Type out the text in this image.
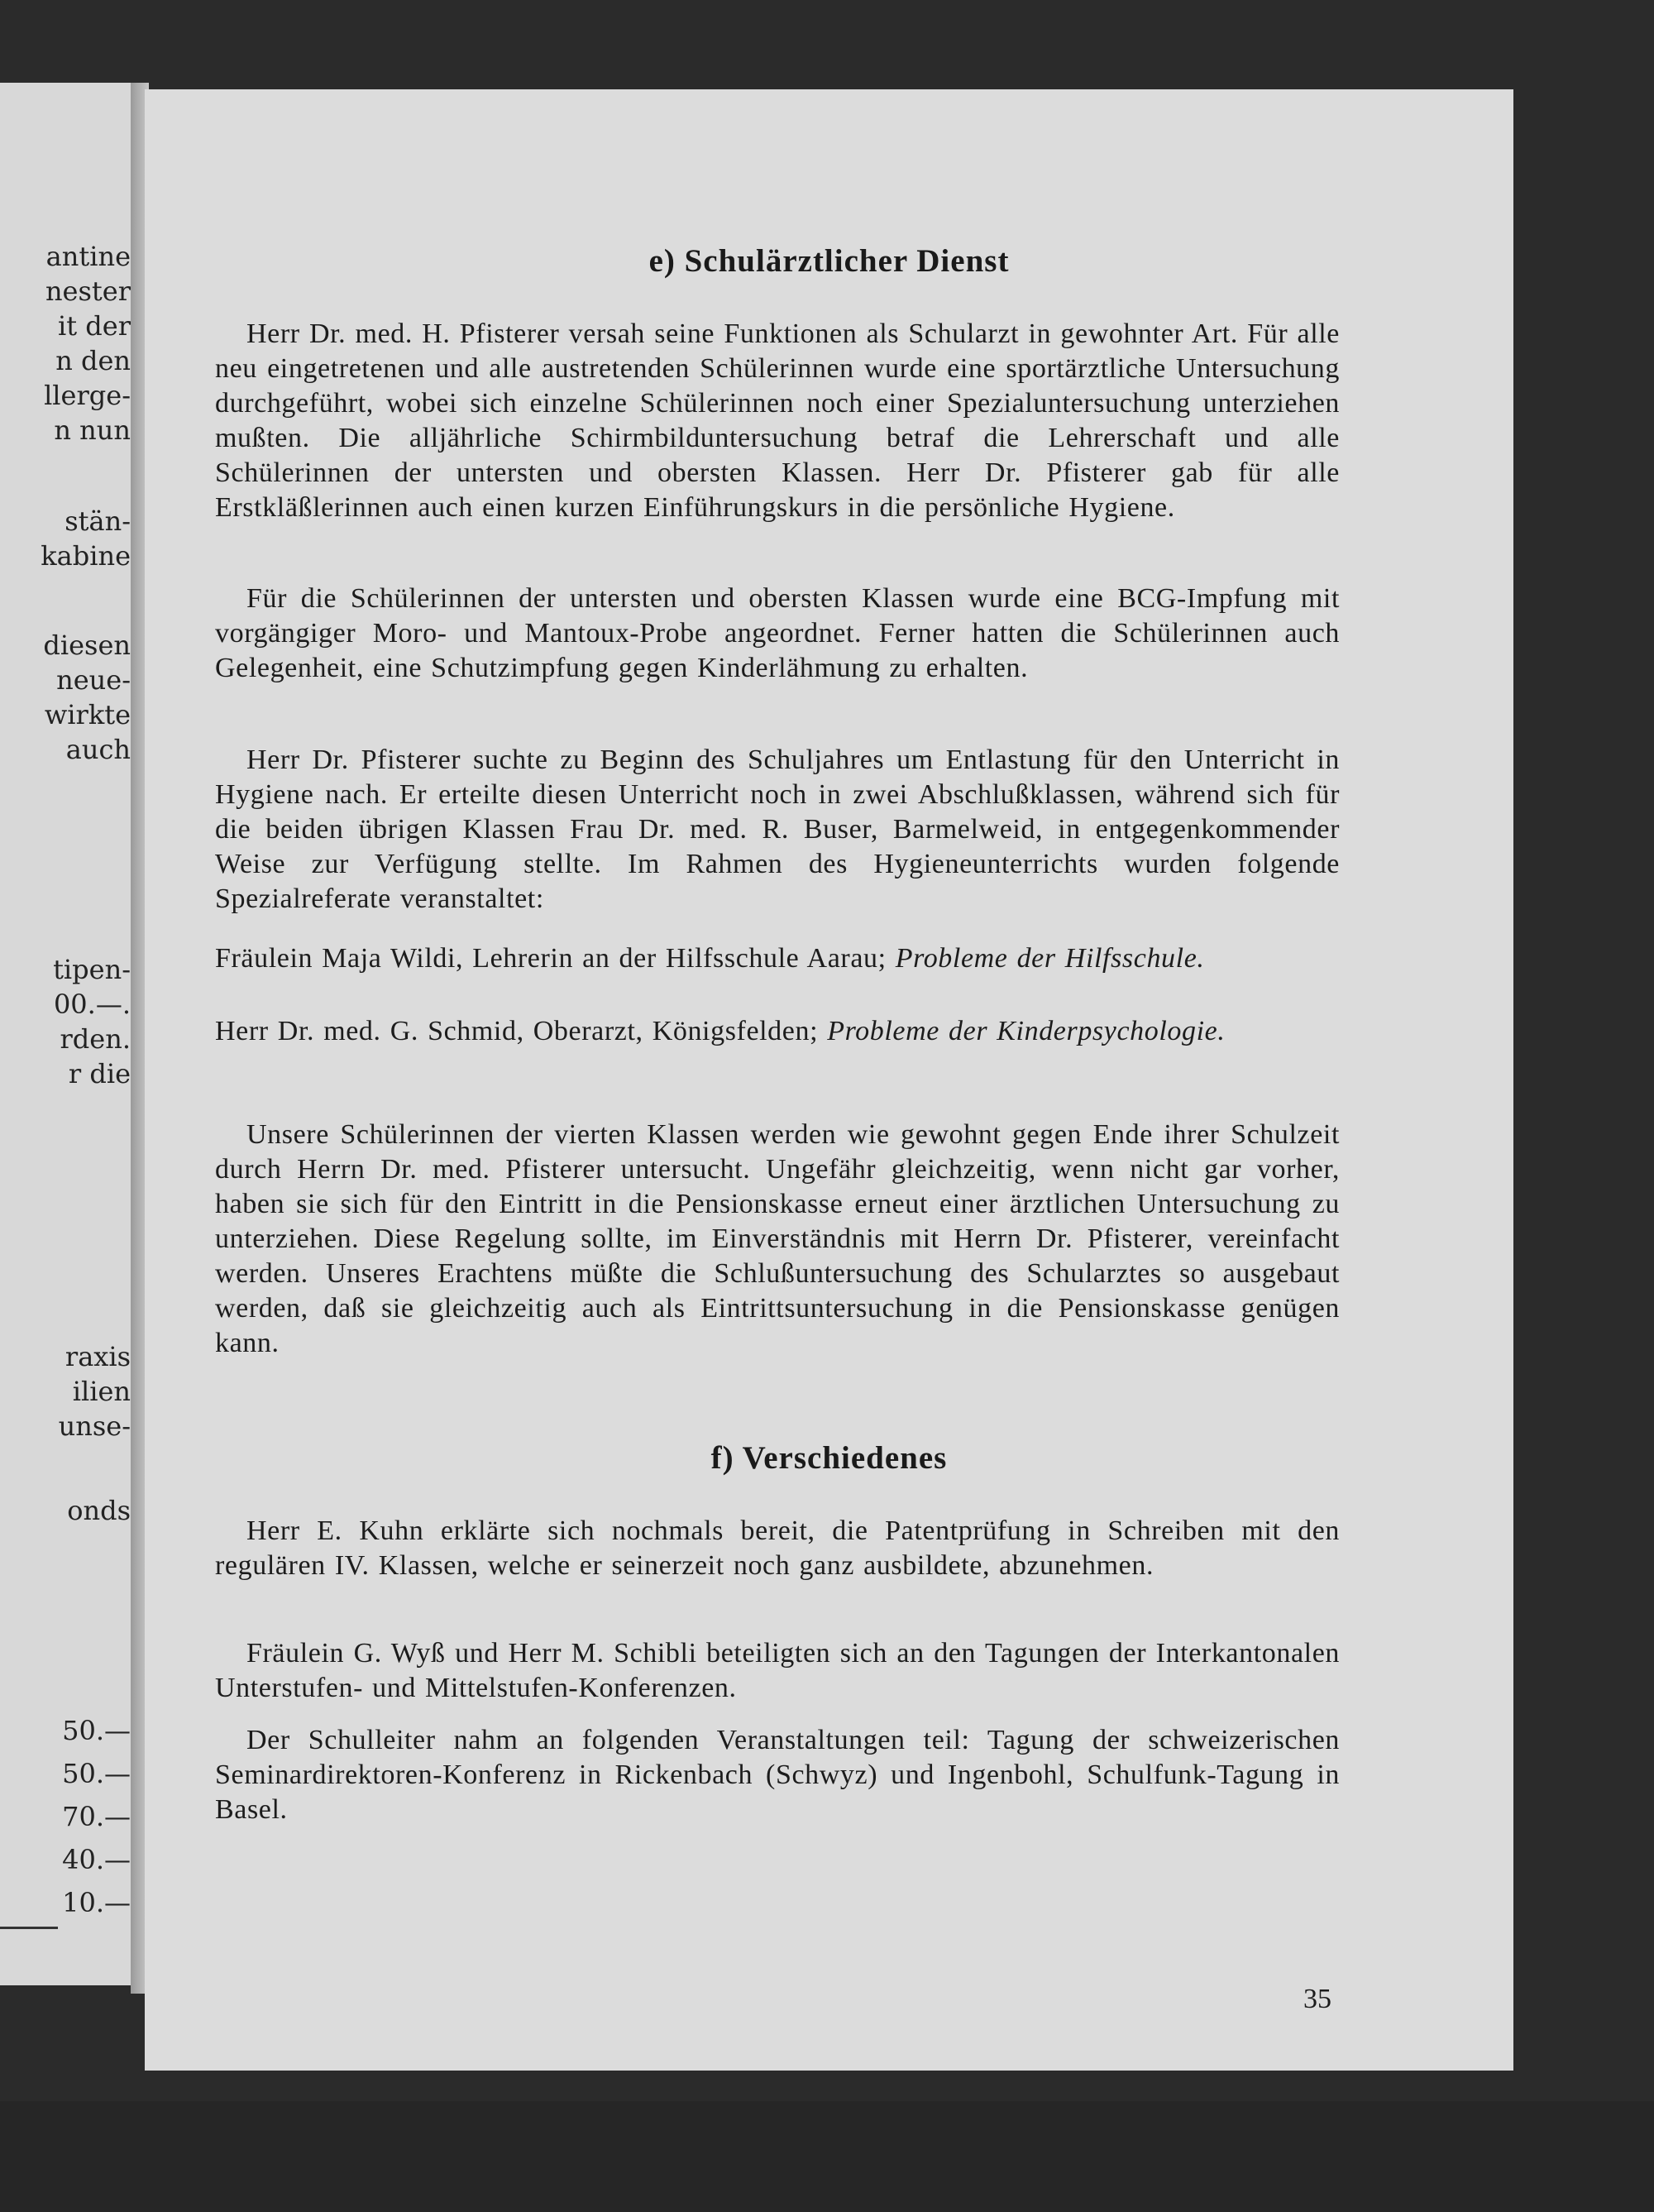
antine
nester
it der
n den
llerge-
n nun
stän-
kabine
diesen
neue-
wirkte
auch
tipen-
00.—.
rden.
r die
raxis
ilien
unse-
onds
50.—
50.—
70.—
40.—
10.—
e) Schulärztlicher Dienst
Herr Dr. med. H. Pfisterer versah seine Funktionen als Schularzt in gewohnter Art. Für alle neu eingetretenen und alle austretenden Schülerinnen wurde eine sportärztliche Untersuchung durchgeführt, wobei sich einzelne Schülerinnen noch einer Spezialuntersuchung unterziehen mußten. Die alljährliche Schirmbilduntersuchung betraf die Lehrerschaft und alle Schülerinnen der untersten und obersten Klassen. Herr Dr. Pfisterer gab für alle Erstkläßlerinnen auch einen kurzen Einführungskurs in die persönliche Hygiene.
Für die Schülerinnen der untersten und obersten Klassen wurde eine BCG-Impfung mit vorgängiger Moro- und Mantoux-Probe angeordnet. Ferner hatten die Schülerinnen auch Gelegenheit, eine Schutzimpfung gegen Kinderlähmung zu erhalten.
Herr Dr. Pfisterer suchte zu Beginn des Schuljahres um Entlastung für den Unterricht in Hygiene nach. Er erteilte diesen Unterricht noch in zwei Abschlußklassen, während sich für die beiden übrigen Klassen Frau Dr. med. R. Buser, Barmelweid, in entgegenkommender Weise zur Verfügung stellte. Im Rahmen des Hygieneunterrichts wurden folgende Spezialreferate veranstaltet:
Fräulein Maja Wildi, Lehrerin an der Hilfsschule Aarau; Probleme der Hilfsschule.
Herr Dr. med. G. Schmid, Oberarzt, Königsfelden; Probleme der Kinderpsychologie.
Unsere Schülerinnen der vierten Klassen werden wie gewohnt gegen Ende ihrer Schulzeit durch Herrn Dr. med. Pfisterer untersucht. Ungefähr gleichzeitig, wenn nicht gar vorher, haben sie sich für den Eintritt in die Pensionskasse erneut einer ärztlichen Untersuchung zu unterziehen. Diese Regelung sollte, im Einverständnis mit Herrn Dr. Pfisterer, vereinfacht werden. Unseres Erachtens müßte die Schlußuntersuchung des Schularztes so ausgebaut werden, daß sie gleichzeitig auch als Eintrittsuntersuchung in die Pensionskasse genügen kann.
f) Verschiedenes
Herr E. Kuhn erklärte sich nochmals bereit, die Patentprüfung in Schreiben mit den regulären IV. Klassen, welche er seinerzeit noch ganz ausbildete, abzunehmen.
Fräulein G. Wyß und Herr M. Schibli beteiligten sich an den Tagungen der Interkantonalen Unterstufen- und Mittelstufen-Konferenzen.
Der Schulleiter nahm an folgenden Veranstaltungen teil: Tagung der schweizerischen Seminardirektoren-Konferenz in Rickenbach (Schwyz) und Ingenbohl, Schulfunk-Tagung in Basel.
35
